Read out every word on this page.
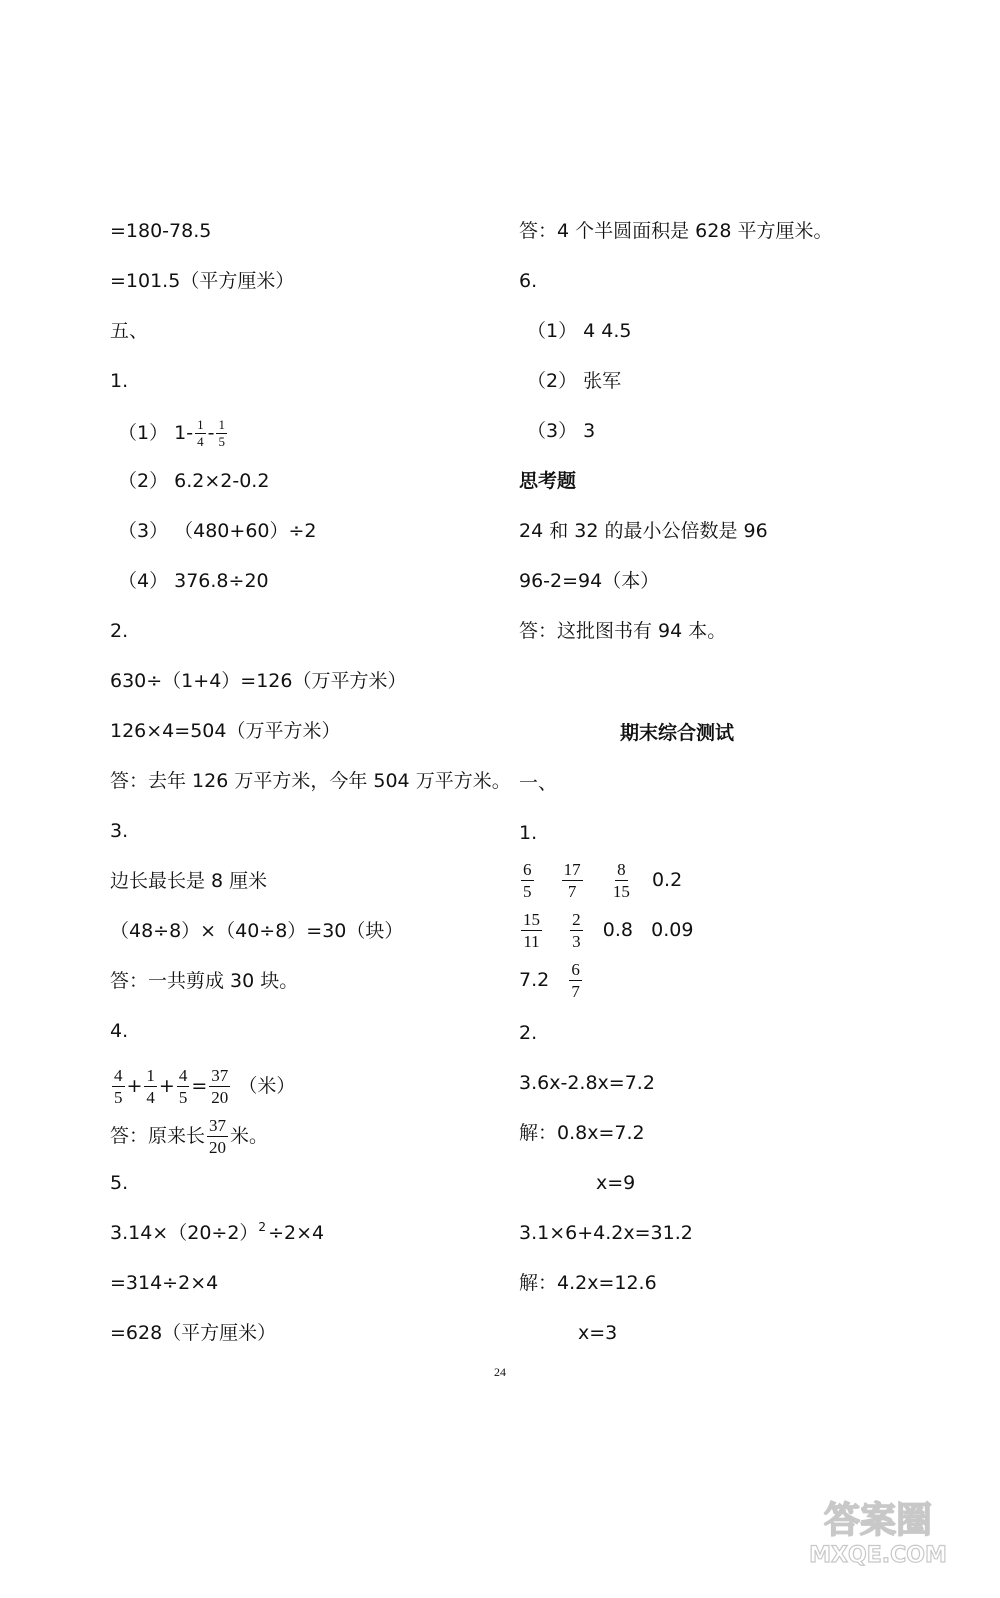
=180-78.5
=101.5（平方厘米）
五、
1.
（1） $1- \frac{1}{4} - \frac{1}{5}$
（2） 6.2×2-0.2
（3） （480+60）÷2
（4） 376.8÷20
2.
630÷（1+4）=126（万平方米）
126×4=504（万平方米）
答：去年 126 万平方米，今年 504 万平方米。
3.
边长最长是 8 厘米
（48÷8）×（40÷8）=30（块）
答：一共剪成 30 块。
4.
$\frac{4}{5} + \frac{1}{4} + \frac{4}{5} = \frac{37}{20}$ （米）
答：原来长 $\frac{37}{20}$ 米。
5.
$3.14\times(20\div 2)^2 \div 2\times 4$
=314÷2×4
=628（平方厘米）
答：4 个半圆面积是 628 平方厘米。
6.
（1） 4 4.5
（2） 张军
（3） 3
思考题
24 和 32 的最小公倍数是 96
96-2=94（本）
答：这批图书有 94 本。
期末综合测试
一、
1.
$\frac{6}{5}$
$\frac{17}{7}$
$\frac{8}{15} 0.2$
$\frac{15}{11}$
$\frac{2}{3} 0.8$ 0.09
$7.2 \frac{6}{7}$
2.
3.6x-2.8x=7.2
解：0.8x=7.2
x=9
3.1×6+4.2x=31.2
解：4.2x=12.6
x=3
24
答案圈
MXQE.COM
